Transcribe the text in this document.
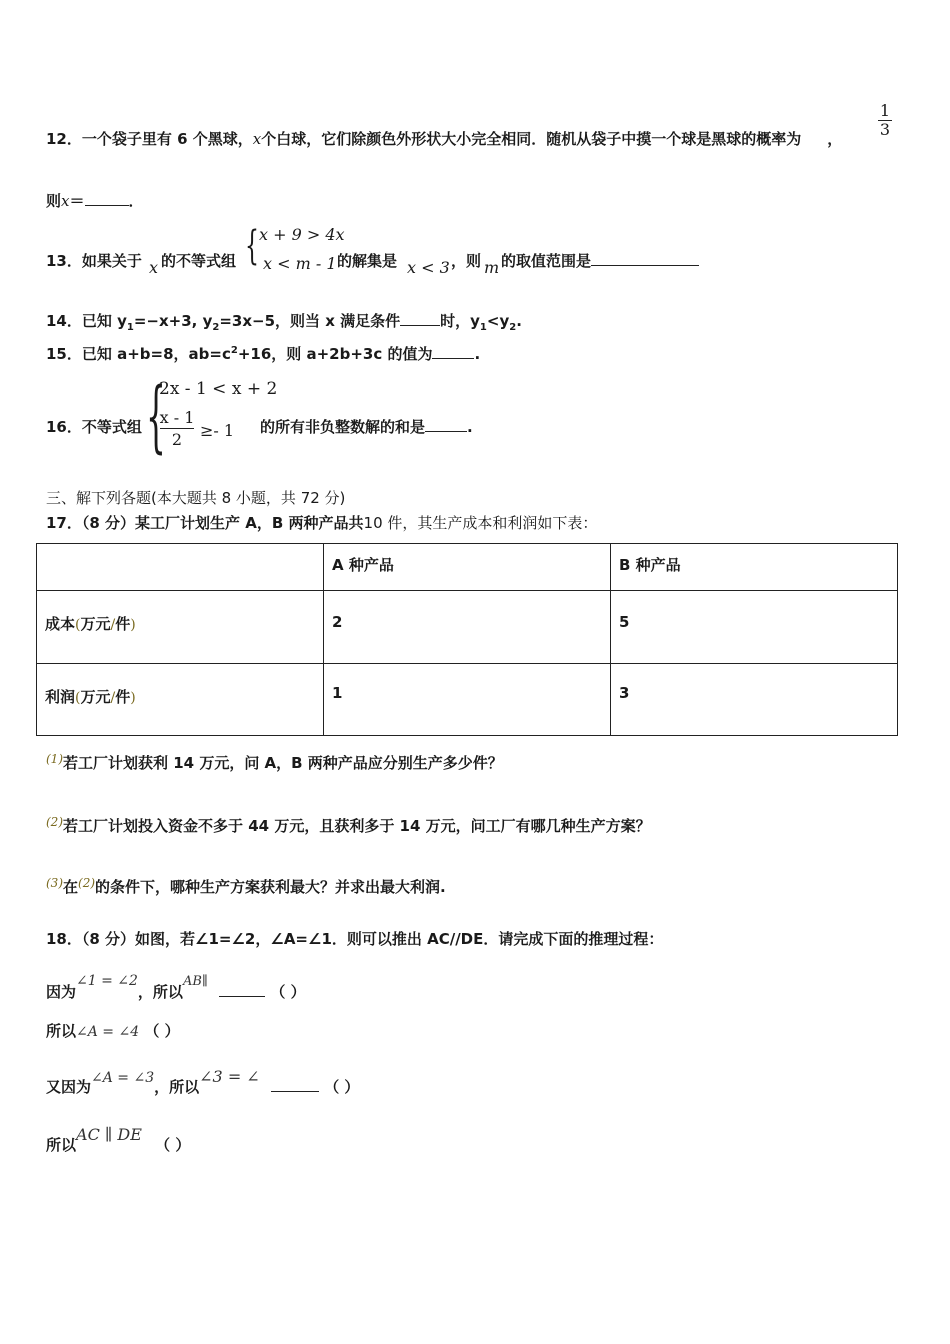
1
3
12．一个袋子里有 6 个黑球，x个白球，它们除颜色外形状大小完全相同．随机从袋子中摸一个球是黑球的概率为 ，
则x＝	．
{ x + 9 > 4x
x < m - 1
13．如果关于 x 的不等式组	的解集是 x < 3 ，则 m 的取值范围是
14．已知 $y_1=-x+3$, $y_2=3x-5$，则当 x 满足条件	时，$y_1<y_2$.
15．已知 a+b=8，$ab=c^2+16$，则 a+2b+3c 的值为	.
{
2x - 1 < x + 2
x - 1
2	≥- 1
16．不等式组	的所有非负整数解的和是	.
三、解下列各题(本大题共 8 小题，共 72 分)
17．（8 分）某工厂计划生产 A，B 两种产品共10 件，其生产成本和利润如下表：
	A 种产品	B 种产品
成本(万元/件)	2	5
利润(万元/件)	1	3
$^{(1)}$若工厂计划获利 14 万元，问 A，B 两种产品应分别生产多少件？
$^{(2)}$若工厂计划投入资金不多于 44 万元，且获利多于 14 万元，问工厂有哪几种生产方案？
$^{(3)}$在$^{(2)}$的条件下，哪种生产方案获利最大？并求出最大利润.
18．（8 分）如图，若∠1=∠2，∠A=∠1．则可以推出 AC//DE．请完成下面的推理过程：
因为∠1 = ∠2，所以AB∥  （ ）
所以∠A = ∠4 （ ）
又因为∠A = ∠3，所以∠3 = ∠  （ ）
所以AC ∥ DE （ ）
